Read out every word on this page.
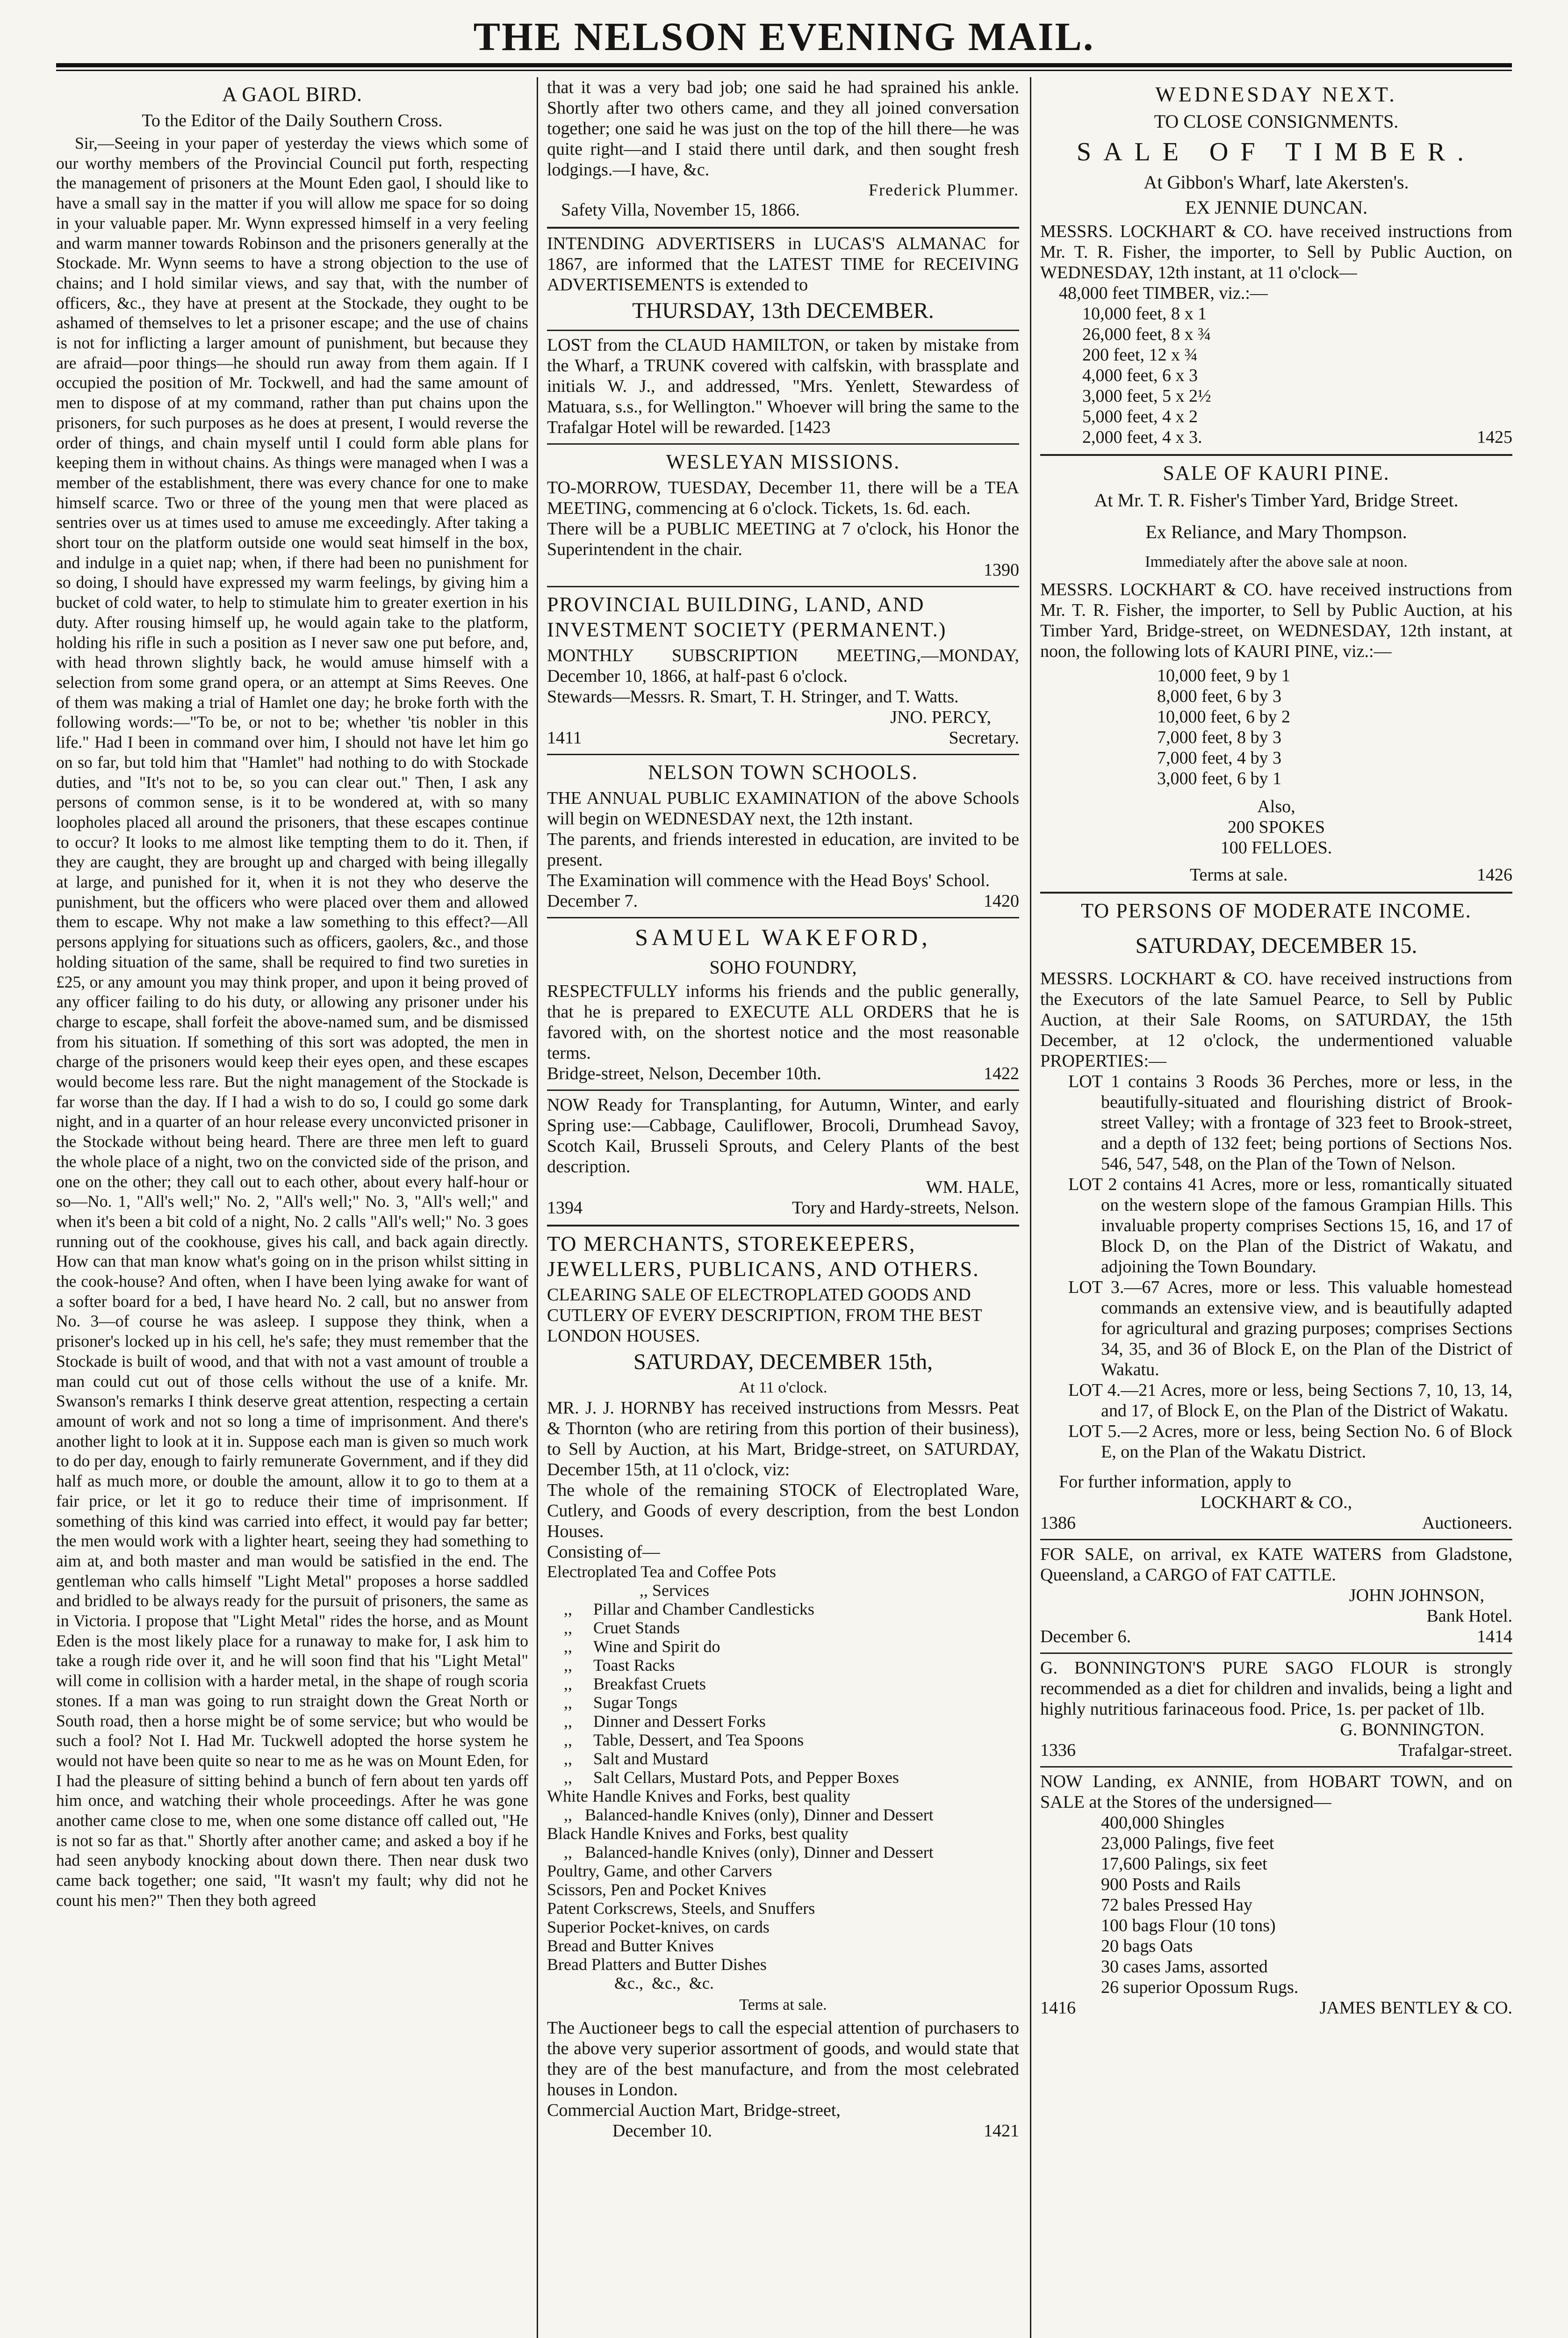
THE NELSON EVENING MAIL.
A GAOL BIRD.
To the Editor of the Daily Southern Cross.

Sir,—Seeing in your paper of yesterday the views which some of our worthy members of the Provincial Council put forth, respecting the management of prisoners at the Mount Eden gaol, I should like to have a small say in the matter if you will allow me space for so doing in your valuable paper. Mr. Wynn expressed himself in a very feeling and warm manner towards Robinson and the prisoners generally at the Stockade. Mr. Wynn seems to have a strong objection to the use of chains; and I hold similar views, and say that, with the number of officers, &c., they have at present at the Stockade, they ought to be ashamed of themselves to let a prisoner escape; and the use of chains is not for inflicting a larger amount of punishment, but because they are afraid—poor things—he should run away from them again. If I occupied the position of Mr. Tockwell, and had the same amount of men to dispose of at my command, rather than put chains upon the prisoners, for such purposes as he does at present, I would reverse the order of things, and chain myself until I could form able plans for keeping them in without chains. As things were managed when I was a member of the establishment, there was every chance for one to make himself scarce. Two or three of the young men that were placed as sentries over us at times used to amuse me exceedingly. After taking a short tour on the platform outside one would seat himself in the box, and indulge in a quiet nap; when, if there had been no punishment for so doing, I should have expressed my warm feelings, by giving him a bucket of cold water, to help to stimulate him to greater exertion in his duty. After rousing himself up, he would again take to the platform, holding his rifle in such a position as I never saw one put before, and, with head thrown slightly back, he would amuse himself with a selection from some grand opera, or an attempt at Sims Reeves. One of them was making a trial of Hamlet one day; he broke forth with the following words:—"To be, or not to be; whether 'tis nobler in this life." Had I been in command over him, I should not have let him go on so far, but told him that "Hamlet" had nothing to do with Stockade duties, and "It's not to be, so you can clear out." Then, I ask any persons of common sense, is it to be wondered at, with so many loopholes placed all around the prisoners, that these escapes continue to occur? It looks to me almost like tempting them to do it. Then, if they are caught, they are brought up and charged with being illegally at large, and punished for it, when it is not they who deserve the punishment, but the officers who were placed over them and allowed them to escape. Why not make a law something to this effect?—All persons applying for situations such as officers, gaolers, &c., and those holding situation of the same, shall be required to find two sureties in £25, or any amount you may think proper, and upon it being proved of any officer failing to do his duty, or allowing any prisoner under his charge to escape, shall forfeit the above-named sum, and be dismissed from his situation. If something of this sort was adopted, the men in charge of the prisoners would keep their eyes open, and these escapes would become less rare. But the night management of the Stockade is far worse than the day. If I had a wish to do so, I could go some dark night, and in a quarter of an hour release every unconvicted prisoner in the Stockade without being heard. There are three men left to guard the whole place of a night, two on the convicted side of the prison, and one on the other; they call out to each other, about every half-hour or so—No. 1, "All's well;" No. 2, "All's well;" No. 3, "All's well;" and when it's been a bit cold of a night, No. 2 calls "All's well;" No. 3 goes running out of the cookhouse, gives his call, and back again directly. How can that man know what's going on in the prison whilst sitting in the cook-house? And often, when I have been lying awake for want of a softer board for a bed, I have heard No. 2 call, but no answer from No. 3—of course he was asleep. I suppose they think, when a prisoner's locked up in his cell, he's safe; they must remember that the Stockade is built of wood, and that with not a vast amount of trouble a man could cut out of those cells without the use of a knife. Mr. Swanson's remarks I think deserve great attention, respecting a certain amount of work and not so long a time of imprisonment. And there's another light to look at it in. Suppose each man is given so much work to do per day, enough to fairly remunerate Government, and if they did half as much more, or double the amount, allow it to go to them at a fair price, or let it go to reduce their time of imprisonment. If something of this kind was carried into effect, it would pay far better; the men would work with a lighter heart, seeing they had something to aim at, and both master and man would be satisfied in the end. The gentleman who calls himself "Light Metal" proposes a horse saddled and bridled to be always ready for the pursuit of prisoners, the same as in Victoria. I propose that "Light Metal" rides the horse, and as Mount Eden is the most likely place for a runaway to make for, I ask him to take a rough ride over it, and he will soon find that his "Light Metal" will come in collision with a harder metal, in the shape of rough scoria stones. If a man was going to run straight down the Great North or South road, then a horse might be of some service; but who would be such a fool? Not I. Had Mr. Tuckwell adopted the horse system he would not have been quite so near to me as he was on Mount Eden, for I had the pleasure of sitting behind a bunch of fern about ten yards off him once, and watching their whole proceedings. After he was gone another came close to me, when one some distance off called out, "He is not so far as that." Shortly after another came; and asked a boy if he had seen anybody knocking about down there. Then near dusk two came back together; one said, "It wasn't my fault; why did not he count his men?" Then they both agreed

that it was a very bad job; one said he had sprained his ankle. Shortly after two others came, and they all joined conversation together; one said he was just on the top of the hill there—he was quite right—and I staid there until dark, and then sought fresh lodgings.—I have, &c.

Frederick Plummer.

Safety Villa, November 15, 1866.

INTENDING ADVERTISERS in LUCAS'S ALMANAC for 1867, are informed that the LATEST TIME for RECEIVING ADVERTISEMENTS is extended to

THURSDAY, 13th DECEMBER.

LOST from the CLAUD HAMILTON, or taken by mistake from the Wharf, a TRUNK covered with calfskin, with brassplate and initials W. J., and addressed, "Mrs. Yenlett, Stewardess of Matuara, s.s., for Wellington." Whoever will bring the same to the Trafalgar Hotel will be rewarded. [1423

WESLEYAN MISSIONS.

TO-MORROW, TUESDAY, December 11, there will be a TEA MEETING, commencing at 6 o'clock. Tickets, 1s. 6d. each.

There will be a PUBLIC MEETING at 7 o'clock, his Honor the Superintendent in the chair.

1390
PROVINCIAL BUILDING, LAND, AND INVESTMENT SOCIETY (PERMANENT.)

MONTHLY SUBSCRIPTION MEETING,—MONDAY, December 10, 1866, at half-past 6 o'clock.

Stewards—Messrs. R. Smart, T. H. Stringer, and T. Watts.

JNO. PERCY,
1411	Secretary.
NELSON TOWN SCHOOLS.

THE ANNUAL PUBLIC EXAMINATION of the above Schools will begin on WEDNESDAY next, the 12th instant.

The parents, and friends interested in education, are invited to be present.

The Examination will commence with the Head Boys' School.

December 7.	1420
SAMUEL WAKEFORD,
SOHO FOUNDRY,

RESPECTFULLY informs his friends and the public generally, that he is prepared to EXECUTE ALL ORDERS that he is favored with, on the shortest notice and the most reasonable terms.

Bridge-street, Nelson, December 10th.	1422

NOW Ready for Transplanting, for Autumn, Winter, and early Spring use:—Cabbage, Cauliflower, Brocoli, Drumhead Savoy, Scotch Kail, Brusseli Sprouts, and Celery Plants of the best description.

WM. HALE,
1394	Tory and Hardy-streets, Nelson.
TO MERCHANTS, STOREKEEPERS, JEWELLERS, PUBLICANS, AND OTHERS.
CLEARING SALE OF ELECTROPLATED GOODS AND CUTLERY OF EVERY DESCRIPTION, FROM THE BEST LONDON HOUSES.
SATURDAY, DECEMBER 15th,
At 11 o'clock.

MR. J. J. HORNBY has received instructions from Messrs. Peat & Thornton (who are retiring from this portion of their business), to Sell by Auction, at his Mart, Bridge-street, on SATURDAY, December 15th, at 11 o'clock, viz:

The whole of the remaining STOCK of Electroplated Ware, Cutlery, and Goods of every description, from the best London Houses.

Consisting of—

Electroplated Tea and Coffee Pots
,, Services
,,     Pillar and Chamber Candlesticks
,,     Cruet Stands
,,     Wine and Spirit do
,,     Toast Racks
,,     Breakfast Cruets
,,     Sugar Tongs
,,     Dinner and Dessert Forks
,,     Table, Dessert, and Tea Spoons
,,     Salt and Mustard
,,     Salt Cellars, Mustard Pots, and Pepper Boxes
White Handle Knives and Forks, best quality
,,   Balanced-handle Knives (only), Dinner and Dessert
Black Handle Knives and Forks, best quality
,,   Balanced-handle Knives (only), Dinner and Dessert
Poultry, Game, and other Carvers
Scissors, Pen and Pocket Knives
Patent Corkscrews, Steels, and Snuffers
Superior Pocket-knives, on cards
Bread and Butter Knives
Bread Platters and Butter Dishes
&c.,  &c.,  &c.
Terms at sale.

The Auctioneer begs to call the especial attention of purchasers to the above very superior assortment of goods, and would state that they are of the best manufacture, and from the most celebrated houses in London.

Commercial Auction Mart, Bridge-street,

December 10.	1421
WEDNESDAY NEXT.
TO CLOSE CONSIGNMENTS.
SALE OF TIMBER.
At Gibbon's Wharf, late Akersten's.
EX JENNIE DUNCAN.

MESSRS. LOCKHART & CO. have received instructions from Mr. T. R. Fisher, the importer, to Sell by Public Auction, on WEDNESDAY, 12th instant, at 11 o'clock—

48,000 feet TIMBER, viz.:—
10,000 feet, 8 x 1
26,000 feet, 8 x ¾
200 feet, 12 x ¾
4,000 feet, 6 x 3
3,000 feet, 5 x 2½
5,000 feet, 4 x 2
2,000 feet, 4 x 3.	1425
SALE OF KAURI PINE.
At Mr. T. R. Fisher's Timber Yard, Bridge Street.
Ex Reliance, and Mary Thompson.
Immediately after the above sale at noon.

MESSRS. LOCKHART & CO. have received instructions from Mr. T. R. Fisher, the importer, to Sell by Public Auction, at his Timber Yard, Bridge-street, on WEDNESDAY, 12th instant, at noon, the following lots of KAURI PINE, viz.:—

10,000 feet, 9 by 1
8,000 feet, 6 by 3
10,000 feet, 6 by 2
7,000 feet, 8 by 3
7,000 feet, 4 by 3
3,000 feet, 6 by 1
Also,
200 SPOKES
100 FELLOES.
Terms at sale.	1426
TO PERSONS OF MODERATE INCOME.
SATURDAY, DECEMBER 15.

MESSRS. LOCKHART & CO. have received instructions from the Executors of the late Samuel Pearce, to Sell by Public Auction, at their Sale Rooms, on SATURDAY, the 15th December, at 12 o'clock, the undermentioned valuable PROPERTIES:—

LOT 1 contains 3 Roods 36 Perches, more or less, in the beautifully-situated and flourishing district of Brook-street Valley; with a frontage of 323 feet to Brook-street, and a depth of 132 feet; being portions of Sections Nos. 546, 547, 548, on the Plan of the Town of Nelson.

LOT 2 contains 41 Acres, more or less, romantically situated on the western slope of the famous Grampian Hills. This invaluable property comprises Sections 15, 16, and 17 of Block D, on the Plan of the District of Wakatu, and adjoining the Town Boundary.

LOT 3.—67 Acres, more or less. This valuable homestead commands an extensive view, and is beautifully adapted for agricultural and grazing purposes; comprises Sections 34, 35, and 36 of Block E, on the Plan of the District of Wakatu.

LOT 4.—21 Acres, more or less, being Sections 7, 10, 13, 14, and 17, of Block E, on the Plan of the District of Wakatu.

LOT 5.—2 Acres, more or less, being Section No. 6 of Block E, on the Plan of the Wakatu District.

For further information, apply to

LOCKHART & CO.,
1386	Auctioneers.

FOR SALE, on arrival, ex KATE WATERS from Gladstone, Queensland, a CARGO of FAT CATTLE.

JOHN JOHNSON,
Bank Hotel.
December 6.	1414

G. BONNINGTON'S PURE SAGO FLOUR is strongly recommended as a diet for children and invalids, being a light and highly nutritious farinaceous food. Price, 1s. per packet of 1lb.

G. BONNINGTON.
1336	Trafalgar-street.

NOW Landing, ex ANNIE, from HOBART TOWN, and on SALE at the Stores of the undersigned—

400,000 Shingles
23,000 Palings, five feet
17,600 Palings, six feet
900 Posts and Rails
72 bales Pressed Hay
100 bags Flour (10 tons)
20 bags Oats
30 cases Jams, assorted
26 superior Opossum Rugs.
1416	JAMES BENTLEY & CO.
